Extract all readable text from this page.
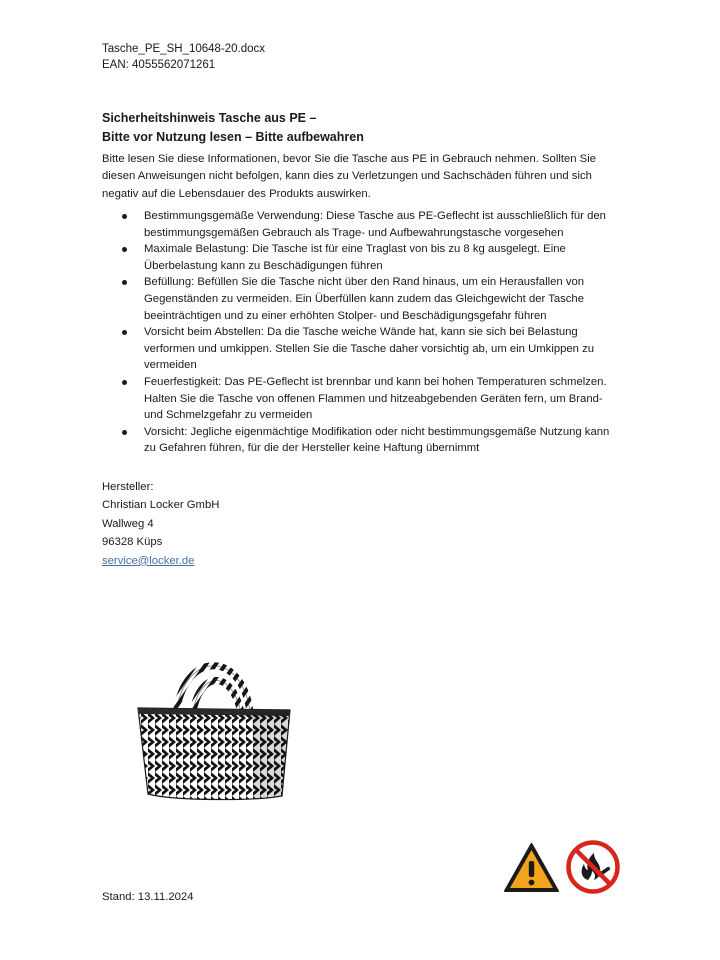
Tasche_PE_SH_10648-20.docx
EAN: 4055562071261
Sicherheitshinweis Tasche aus PE –
Bitte vor Nutzung lesen – Bitte aufbewahren
Bitte lesen Sie diese Informationen, bevor Sie die Tasche aus PE in Gebrauch nehmen. Sollten Sie
diesen Anweisungen nicht befolgen, kann dies zu Verletzungen und Sachschäden führen und sich
negativ auf die Lebensdauer des Produkts auswirken.
Bestimmungsgemäße Verwendung: Diese Tasche aus PE-Geflecht ist ausschließlich für den
bestimmungsgemäßen Gebrauch als Trage- und Aufbewahrungstasche vorgesehen
Maximale Belastung: Die Tasche ist für eine Traglast von bis zu 8 kg ausgelegt. Eine
Überbelastung kann zu Beschädigungen führen
Befüllung: Befüllen Sie die Tasche nicht über den Rand hinaus, um ein Herausfallen von
Gegenständen zu vermeiden. Ein Überfüllen kann zudem das Gleichgewicht der Tasche
beeinträchtigen und zu einer erhöhten Stolper- und Beschädigungsgefahr führen
Vorsicht beim Abstellen: Da die Tasche weiche Wände hat, kann sie sich bei Belastung
verformen und umkippen. Stellen Sie die Tasche daher vorsichtig ab, um ein Umkippen zu
vermeiden
Feuerfestigkeit: Das PE-Geflecht ist brennbar und kann bei hohen Temperaturen schmelzen.
Halten Sie die Tasche von offenen Flammen und hitzeabgebenden Geräten fern, um Brand-
und Schmelzgefahr zu vermeiden
Vorsicht: Jegliche eigenmächtige Modifikation oder nicht bestimmungsgemäße Nutzung kann
zu Gefahren führen, für die der Hersteller keine Haftung übernimmt
Hersteller:
Christian Locker GmbH
Wallweg 4
96328 Küps
service@locker.de
Stand: 13.11.2024
